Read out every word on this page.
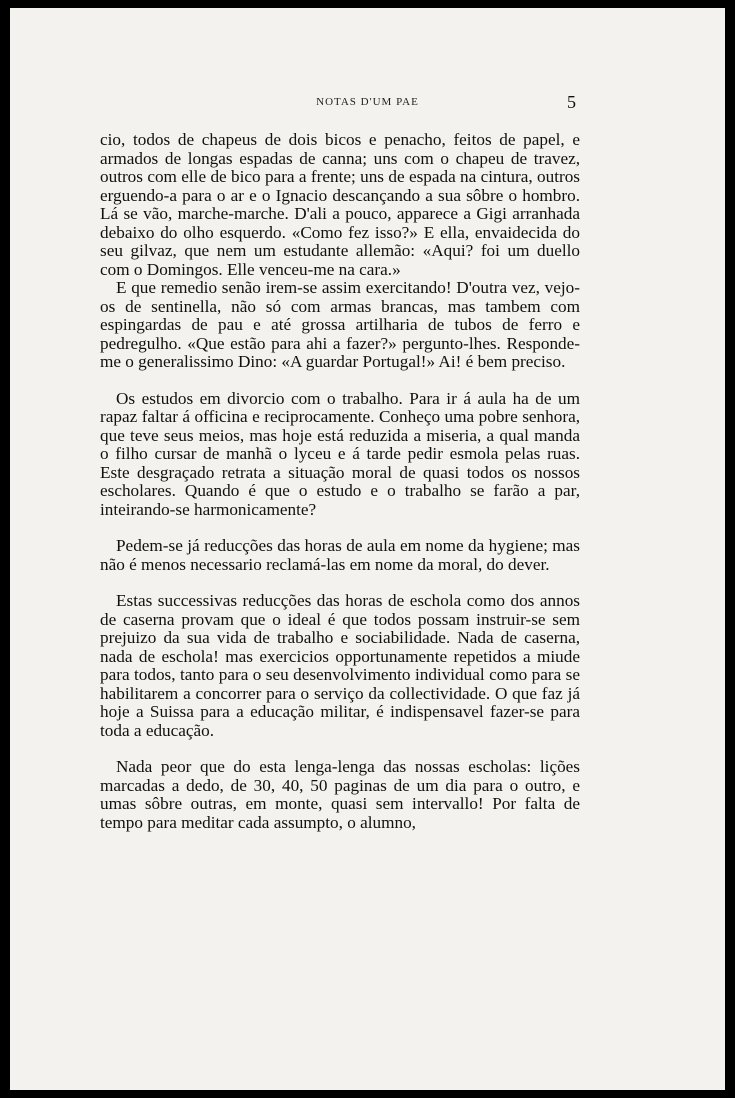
NOTAS D'UM PAE	5

cio, todos de chapeus de dois bicos e penacho, feitos de papel, e armados de longas espadas de canna; uns com o chapeu de travez, outros com elle de bico para a frente; uns de espada na cintura, outros erguendo-a para o ar e o Ignacio descançando a sua sôbre o hombro. Lá se vão, marche-marche. D'ali a pouco, apparece a Gigi arranhada debaixo do olho esquerdo. «Como fez isso?» E ella, envaidecida do seu gilvaz, que nem um estudante allemão: «Aqui? foi um duello com o Domingos. Elle venceu-me na cara.»

E que remedio senão irem-se assim exercitando! D'outra vez, vejo-os de sentinella, não só com armas brancas, mas tambem com espingardas de pau e até grossa artilharia de tubos de ferro e pedregulho. «Que estão para ahi a fazer?» pergunto-lhes. Responde-me o generalissimo Dino: «A guardar Portugal!» Ai! é bem preciso.

Os estudos em divorcio com o trabalho. Para ir á aula ha de um rapaz faltar á officina e reciprocamente. Conheço uma pobre senhora, que teve seus meios, mas hoje está reduzida a miseria, a qual manda o filho cursar de manhã o lyceu e á tarde pedir esmola pelas ruas. Este desgraçado retrata a situação moral de quasi todos os nossos escholares. Quando é que o estudo e o trabalho se farão a par, inteirando-se harmonicamente?

Pedem-se já reducções das horas de aula em nome da hygiene; mas não é menos necessario reclamá-las em nome da moral, do dever.

Estas successivas reducções das horas de eschola como dos annos de caserna provam que o ideal é que todos possam instruir-se sem prejuizo da sua vida de trabalho e sociabilidade. Nada de caserna, nada de eschola! mas exercicios opportunamente repetidos a miude para todos, tanto para o seu desenvolvimento individual como para se habilitarem a concorrer para o serviço da collectividade. O que faz já hoje a Suissa para a educação militar, é indispensavel fazer-se para toda a educação.

Nada peor que do esta lenga-lenga das nossas escholas: lições marcadas a dedo, de 30, 40, 50 paginas de um dia para o outro, e umas sôbre outras, em monte, quasi sem intervallo! Por falta de tempo para meditar cada assumpto, o alumno,
